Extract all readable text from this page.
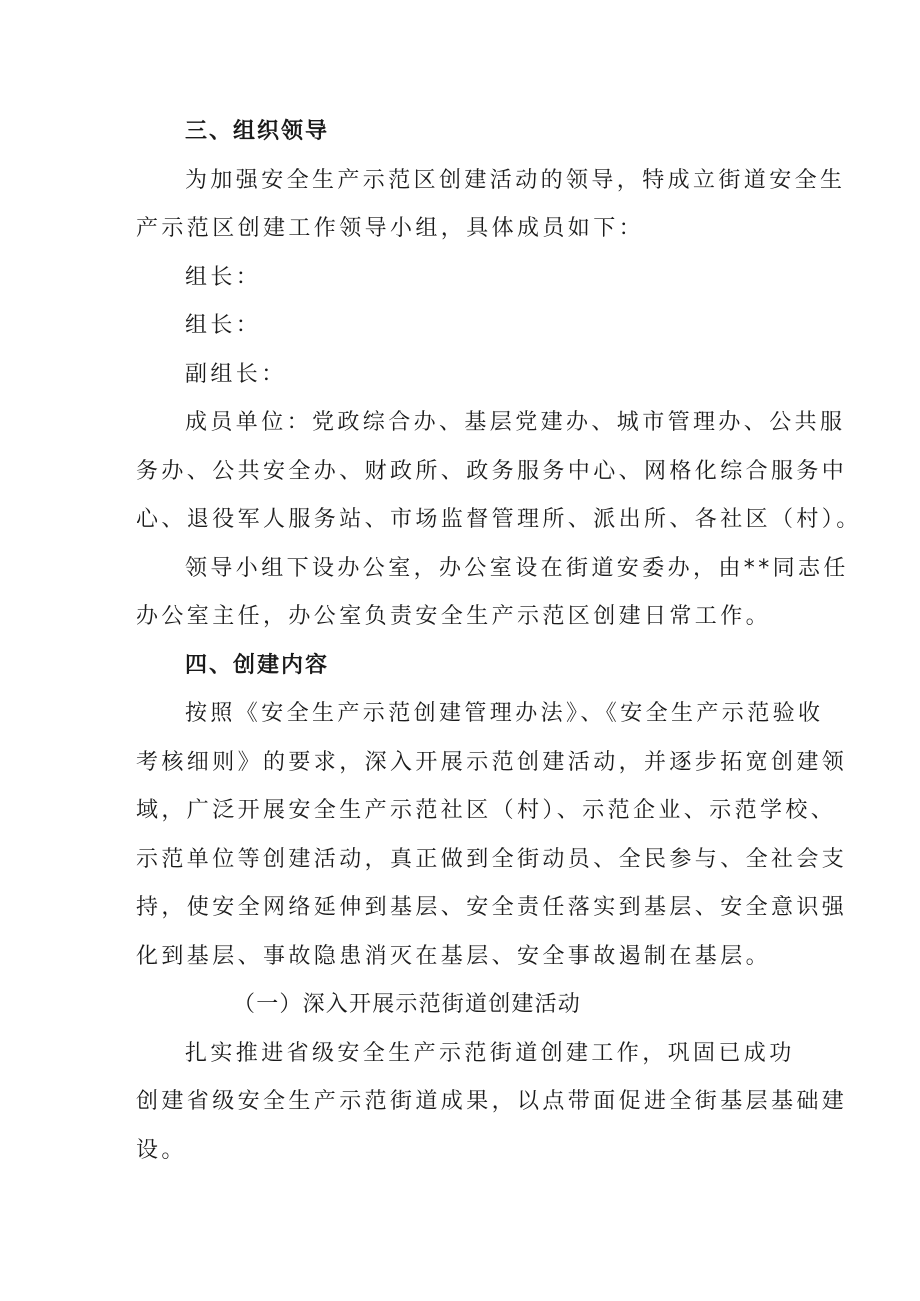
三、组织领导
为加强安全生产示范区创建活动的领导，特成立街道安全生
产示范区创建工作领导小组，具体成员如下：
组长：
组长：
副组长：
成员单位：党政综合办、基层党建办、城市管理办、公共服
务办、公共安全办、财政所、政务服务中心、网格化综合服务中
心、退役军人服务站、市场监督管理所、派出所、各社区（村）。
领导小组下设办公室，办公室设在街道安委办，由**同志任
办公室主任，办公室负责安全生产示范区创建日常工作。
四、创建内容
按照《安全生产示范创建管理办法》、《安全生产示范验收
考核细则》的要求，深入开展示范创建活动，并逐步拓宽创建领
域，广泛开展安全生产示范社区（村）、示范企业、示范学校、
示范单位等创建活动，真正做到全街动员、全民参与、全社会支
持，使安全网络延伸到基层、安全责任落实到基层、安全意识强
化到基层、事故隐患消灭在基层、安全事故遏制在基层。
（一）深入开展示范街道创建活动
扎实推进省级安全生产示范街道创建工作，巩固已成功
创建省级安全生产示范街道成果，以点带面促进全街基层基础建
设。
